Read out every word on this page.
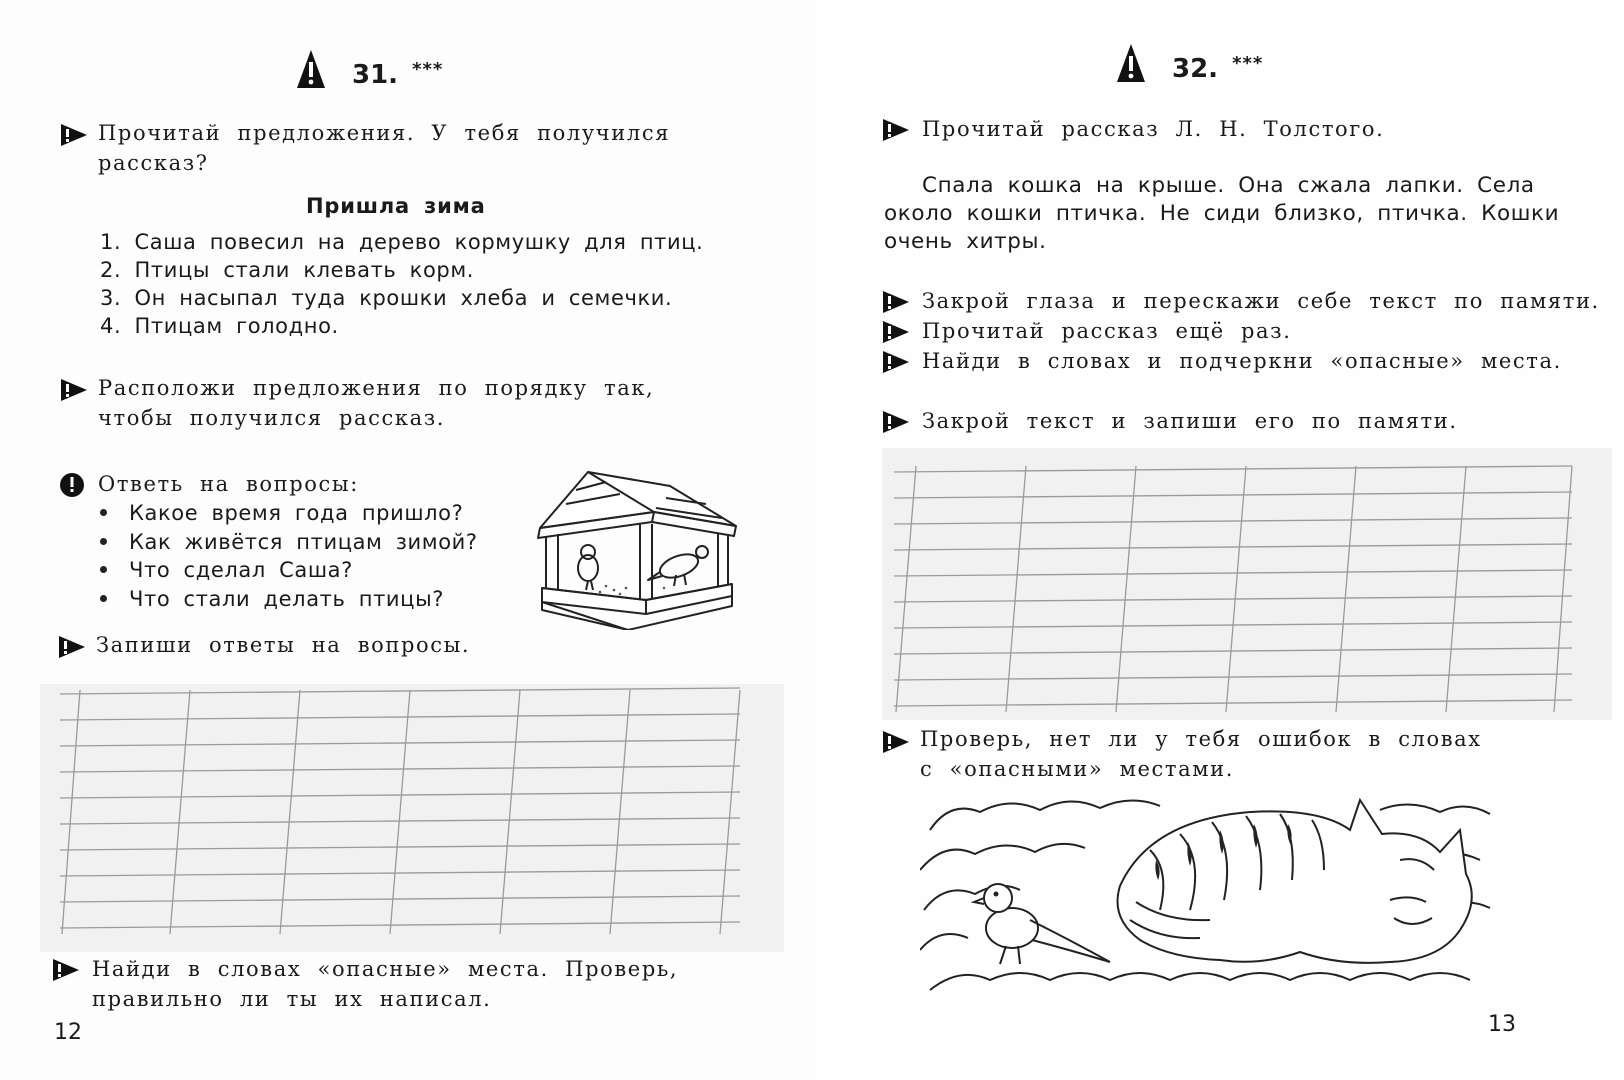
31. ***
Прочитай предложения. У тебя получился
рассказ?
Пришла зима
1. Саша повесил на дерево кормушку для птиц.
2. Птицы стали клевать корм.
3. Он насыпал туда крошки хлеба и семечки.
4. Птицам голодно.
Расположи предложения по порядку так,
чтобы получился рассказ.
Ответь на вопросы:
Какое время года пришло?
Как живётся птицам зимой?
Что сделал Саша?
Что стали делать птицы?
Запиши ответы на вопросы.
Найди в словах «опасные» места. Проверь,
правильно ли ты их написал.
12
32. ***
Прочитай рассказ Л. Н. Толстого.
Спала кошка на крыше. Она сжала лапки. Села
около кошки птичка. Не сиди близко, птичка. Кошки
очень хитры.
Закрой глаза и перескажи себе текст по памяти.
Прочитай рассказ ещё раз.
Найди в словах и подчеркни «опасные» места.
Закрой текст и запиши его по памяти.
Проверь, нет ли у тебя ошибок в словах
с «опасными» местами.
13
